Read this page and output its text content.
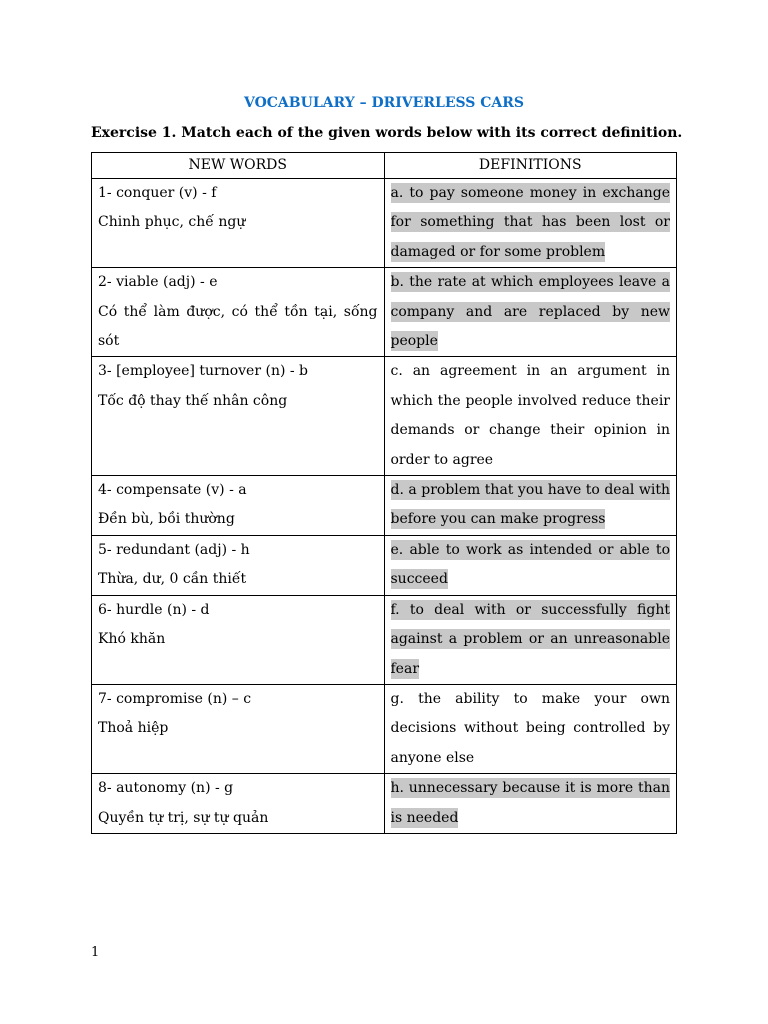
VOCABULARY – DRIVERLESS CARS
Exercise 1. Match each of the given words below with its correct definition.
NEW WORDS	DEFINITIONS

1- conquer (v) - f
Chinh phục, chế ngự	a. to pay someone money in exchange for something that has been lost or damaged or for some problem

2- viable (adj) - e
Có thể làm được, có thể tồn tại, sống sót	b. the rate at which employees leave a company and are replaced by new people

3- [employee] turnover (n) - b
Tốc độ thay thế nhân công	c. an agreement in an argument in which the people involved reduce their demands or change their opinion in order to agree

4- compensate (v) - a
Đền bù, bồi thường	d. a problem that you have to deal with before you can make progress

5- redundant (adj) - h
Thừa, dư, 0 cần thiết	e. able to work as intended or able to succeed

6- hurdle (n) - d
Khó khăn	f. to deal with or successfully fight against a problem or an unreasonable fear

7- compromise (n) – c
Thoả hiệp	g. the ability to make your own decisions without being controlled by anyone else

8- autonomy (n) - g
Quyền tự trị, sự tự quản	h. unnecessary because it is more than is needed
1
